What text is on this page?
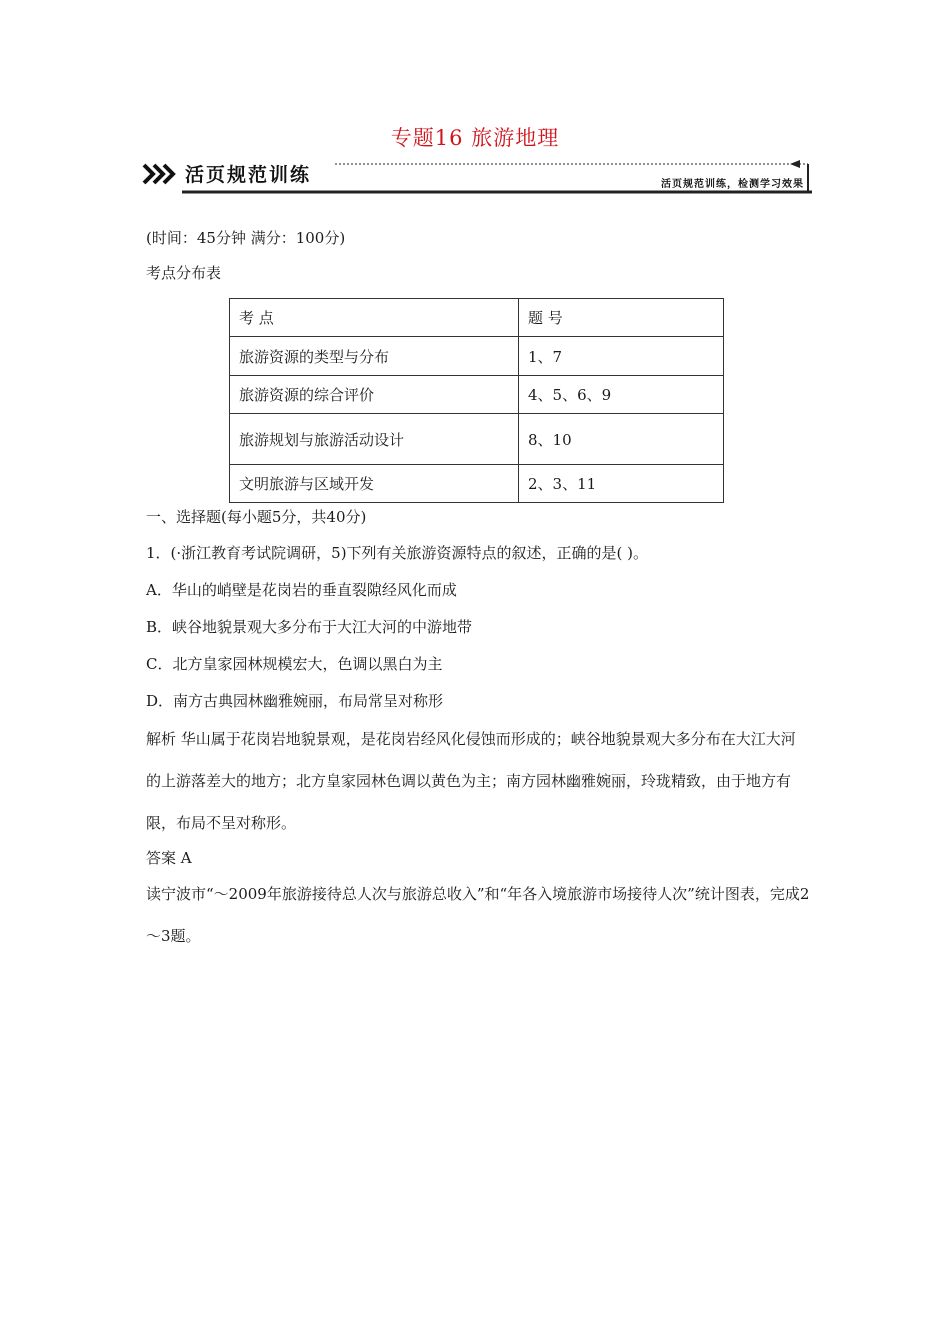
专题16 旅游地理
活页规范训练	活页规范训练，检测学习效果
(时间：45分钟 满分：100分)
考点分布表
考 点	题 号
旅游资源的类型与分布	1、7
旅游资源的综合评价	4、5、6、9
旅游规划与旅游活动设计	8、10
文明旅游与区域开发	2、3、11
一、选择题(每小题5分，共40分)
1．(·浙江教育考试院调研，5)下列有关旅游资源特点的叙述，正确的是( )。
A．华山的峭壁是花岗岩的垂直裂隙经风化而成
B．峡谷地貌景观大多分布于大江大河的中游地带
C．北方皇家园林规模宏大，色调以黑白为主
D．南方古典园林幽雅婉丽，布局常呈对称形
解析 华山属于花岗岩地貌景观，是花岗岩经风化侵蚀而形成的；峡谷地貌景观大多分布在大江大河的上游落差大的地方；北方皇家园林色调以黄色为主；南方园林幽雅婉丽，玲珑精致，由于地方有限，布局不呈对称形。
答案 A
读宁波市“～2009年旅游接待总人次与旅游总收入”和“年各入境旅游市场接待人次”统计图表，完成2～3题。
